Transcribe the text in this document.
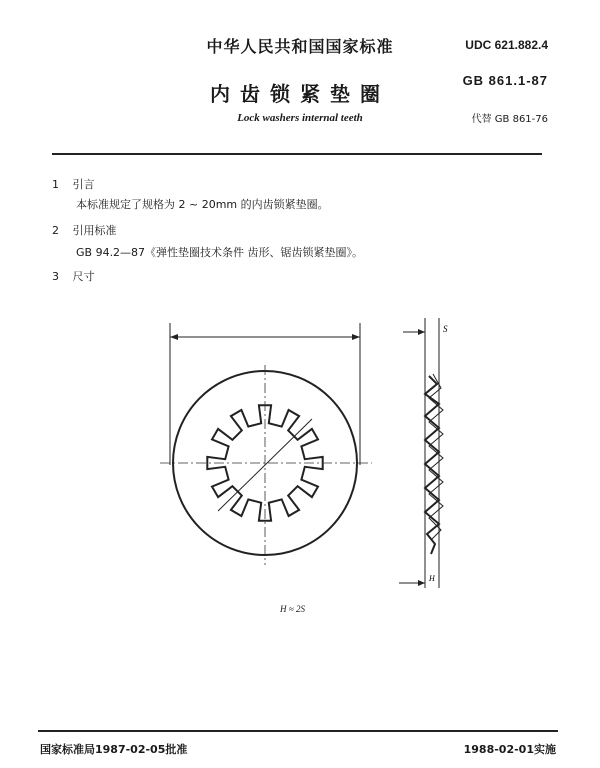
中华人民共和国国家标准	UDC 621.882.4
内齿锁紧垫圈
GB 861.1-87
Lock washers internal teeth	代替 GB 861-76
1 引言
本标准规定了规格为 2 ~ 20mm 的内齿锁紧垫圈。
2 引用标准
GB 94.2—87《弹性垫圈技术条件 齿形、锯齿锁紧垫圈》。
3 尺寸
S
H
H ≈ 2S
国家标准局1987-02-05批准	1988-02-01实施
